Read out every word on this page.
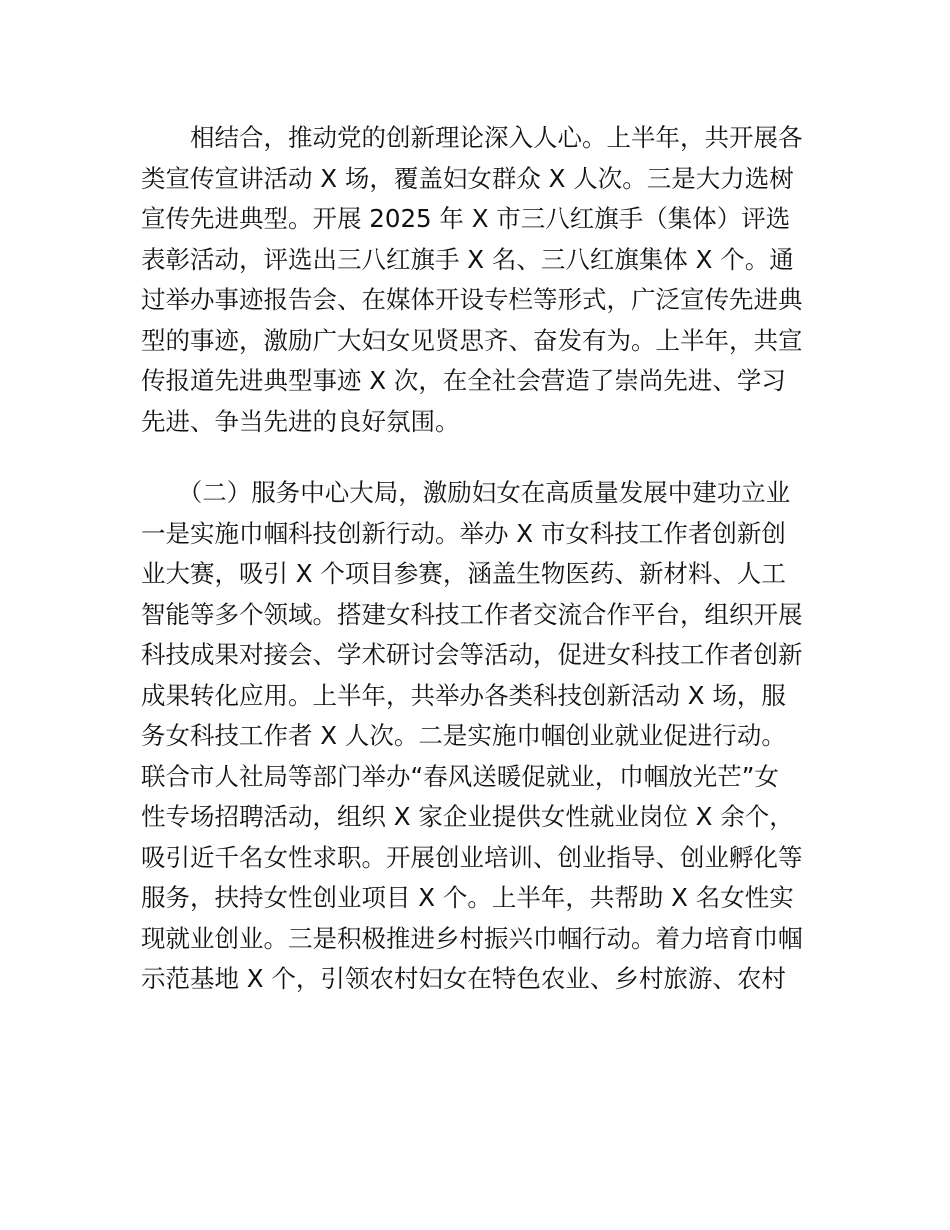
　　相结合，推动党的创新理论深入人心。上半年，共开展各
类宣传宣讲活动 X 场，覆盖妇女群众 X 人次。三是大力选树
宣传先进典型。开展 2025 年 X 市三八红旗手（集体）评选
表彰活动，评选出三八红旗手 X 名、三八红旗集体 X 个。通
过举办事迹报告会、在媒体开设专栏等形式，广泛宣传先进典
型的事迹，激励广大妇女见贤思齐、奋发有为。上半年，共宣
传报道先进典型事迹 X 次，在全社会营造了崇尚先进、学习
先进、争当先进的良好氛围。
　　（二）服务中心大局，激励妇女在高质量发展中建功立业
一是实施巾帼科技创新行动。举办 X 市女科技工作者创新创
业大赛，吸引 X 个项目参赛，涵盖生物医药、新材料、人工
智能等多个领域。搭建女科技工作者交流合作平台，组织开展
科技成果对接会、学术研讨会等活动，促进女科技工作者创新
成果转化应用。上半年，共举办各类科技创新活动 X 场，服
务女科技工作者 X 人次。二是实施巾帼创业就业促进行动。
联合市人社局等部门举办“春风送暖促就业，巾帼放光芒”女
性专场招聘活动，组织 X 家企业提供女性就业岗位 X 余个，
吸引近千名女性求职。开展创业培训、创业指导、创业孵化等
服务，扶持女性创业项目 X 个。上半年，共帮助 X 名女性实
现就业创业。三是积极推进乡村振兴巾帼行动。着力培育巾帼
示范基地 X 个，引领农村妇女在特色农业、乡村旅游、农村
